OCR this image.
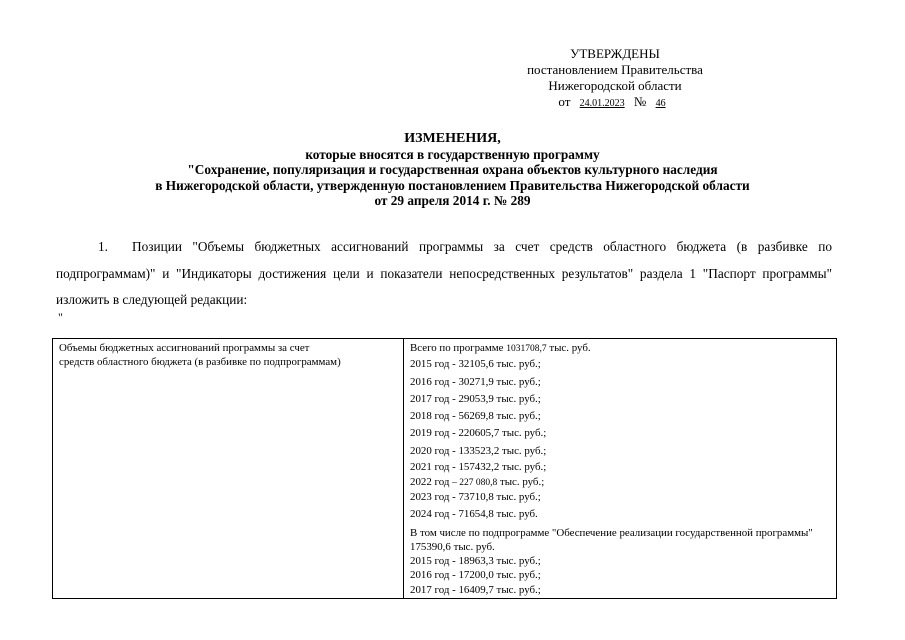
УТВЕРЖДЕНЫ
постановлением Правительства
Нижегородской области
от 24.01.2023 № 46
ИЗМЕНЕНИЯ,
которые вносятся в государственную программу
"Сохранение, популяризация и государственная охрана объектов культурного наследия
в Нижегородской области, утвержденную постановлением Правительства Нижегородской области
от 29 апреля 2014 г. № 289
1. Позиции "Объемы бюджетных ассигнований программы за счет средств областного бюджета (в разбивке по подпрограммам)" и "Индикаторы достижения цели и показатели непосредственных результатов" раздела 1 "Паспорт программы" изложить в следующей редакции:
"
Объемы бюджетных ассигнований программы за счет
средств областного бюджета (в разбивке по подпрограммам)

Всего по программе 1031708,7 тыс. руб.
2015 год - 32105,6 тыс. руб.;
2016 год - 30271,9 тыс. руб.;
2017 год - 29053,9 тыс. руб.;
2018 год - 56269,8 тыс. руб.;
2019 год - 220605,7 тыс. руб.;
2020 год - 133523,2 тыс. руб.;
2021 год - 157432,2 тыс. руб.;
2022 год – 227 080,8 тыс. руб.;
2023 год - 73710,8 тыс. руб.;
2024 год - 71654,8 тыс. руб.
В том числе по подпрограмме "Обеспечение реализации государственной программы" 175390,6 тыс. руб.
2015 год - 18963,3 тыс. руб.;
2016 год - 17200,0 тыс. руб.;
2017 год - 16409,7 тыс. руб.;
